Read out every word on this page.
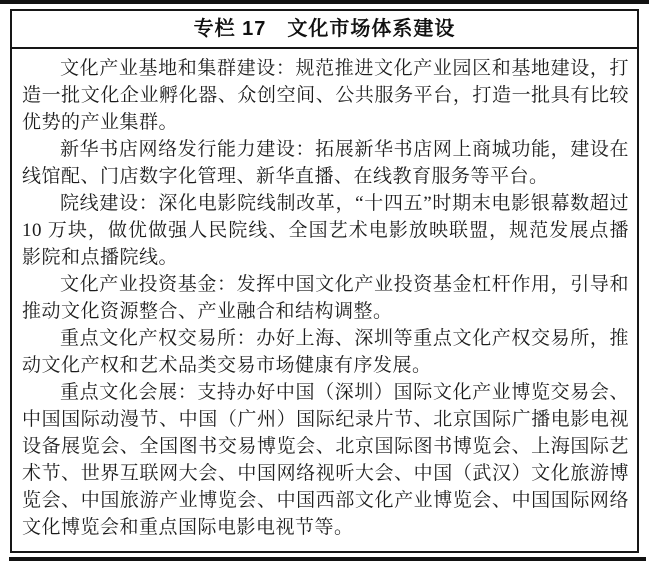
专栏 17　文化市场体系建设

文化产业基地和集群建设：规范推进文化产业园区和基地建设，打造一批文化企业孵化器、众创空间、公共服务平台，打造一批具有比较优势的产业集群。

新华书店网络发行能力建设：拓展新华书店网上商城功能，建设在线馆配、门店数字化管理、新华直播、在线教育服务等平台。

院线建设：深化电影院线制改革，“十四五”时期末电影银幕数超过 10 万块，做优做强人民院线、全国艺术电影放映联盟，规范发展点播影院和点播院线。

文化产业投资基金：发挥中国文化产业投资基金杠杆作用，引导和推动文化资源整合、产业融合和结构调整。

重点文化产权交易所：办好上海、深圳等重点文化产权交易所，推动文化产权和艺术品类交易市场健康有序发展。

重点文化会展：支持办好中国（深圳）国际文化产业博览交易会、中国国际动漫节、中国（广州）国际纪录片节、北京国际广播电影电视设备展览会、全国图书交易博览会、北京国际图书博览会、上海国际艺术节、世界互联网大会、中国网络视听大会、中国（武汉）文化旅游博览会、中国旅游产业博览会、中国西部文化产业博览会、中国国际网络文化博览会和重点国际电影电视节等。
